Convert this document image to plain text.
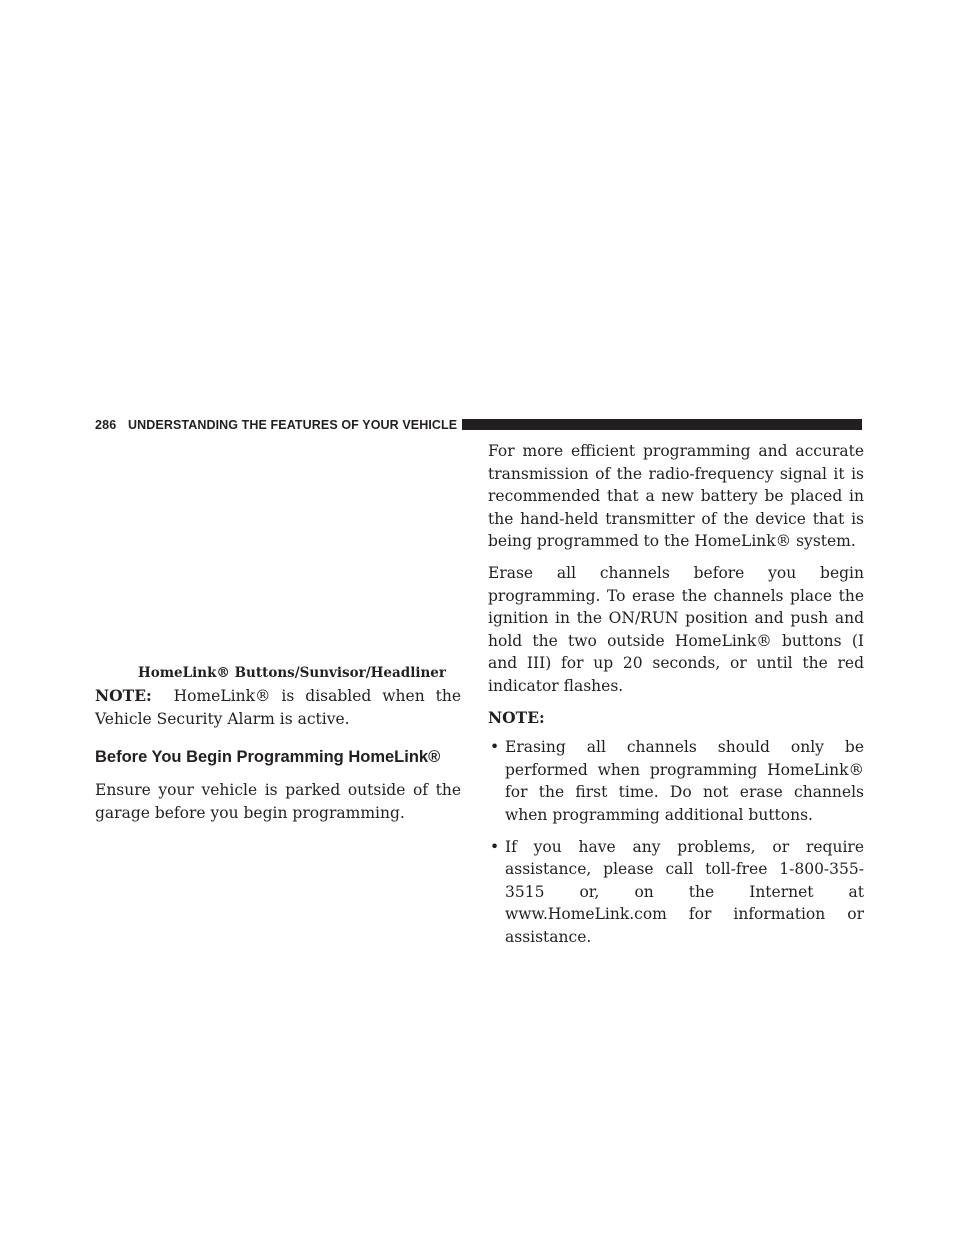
286 UNDERSTANDING THE FEATURES OF YOUR VEHICLE
HomeLink® Buttons/Sunvisor/Headliner

NOTE: HomeLink® is disabled when the Vehicle Security Alarm is active.

Before You Begin Programming HomeLink®

Ensure your vehicle is parked outside of the garage before you begin programming.

For more efficient programming and accurate transmission of the radio-frequency signal it is recommended that a new battery be placed in the hand-held transmitter of the device that is being programmed to the HomeLink® system.

Erase all channels before you begin programming. To erase the channels place the ignition in the ON/RUN position and push and hold the two outside HomeLink® buttons (I and III) for up 20 seconds, or until the red indicator flashes.

NOTE:
• Erasing all channels should only be performed when programming HomeLink® for the first time. Do not erase channels when programming additional buttons.
• If you have any problems, or require assistance, please call toll-free 1-800-355-3515 or, on the Internet at www.HomeLink.com for information or assistance.
